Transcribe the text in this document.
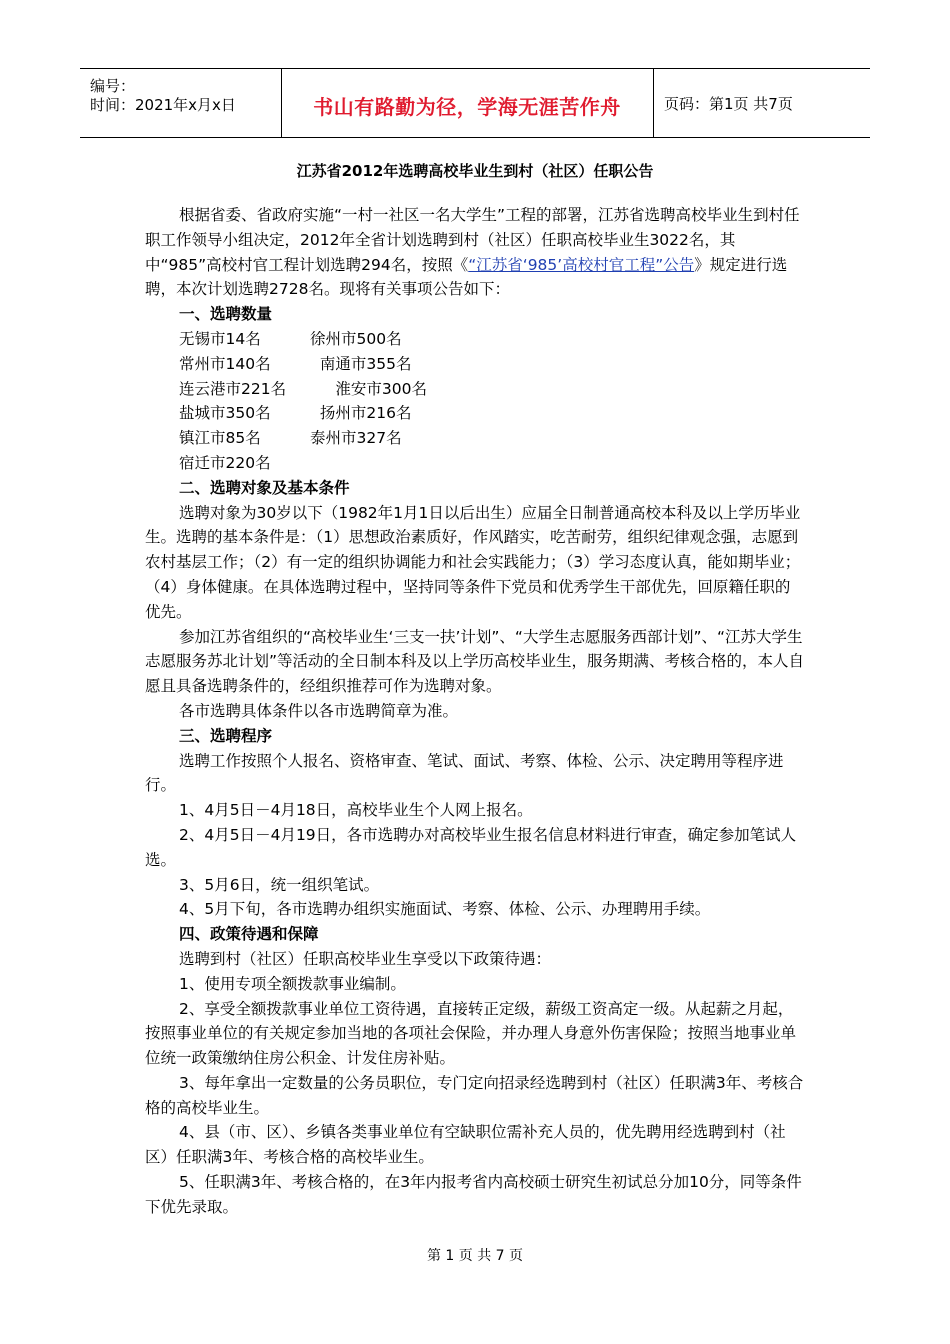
编号：
时间：2021年x月x日	书山有路勤为径，学海无涯苦作舟	页码：第1页 共7页
江苏省2012年选聘高校毕业生到村（社区）任职公告

根据省委、省政府实施“一村一社区一名大学生”工程的部署，江苏省选聘高校毕业生到村任职工作领导小组决定，2012年全省计划选聘到村（社区）任职高校毕业生3022名，其中“985”高校村官工程计划选聘294名，按照《“江苏省‘985’高校村官工程”公告》规定进行选聘，本次计划选聘2728名。现将有关事项公告如下：

一、选聘数量

无锡市14名          徐州市500名

常州市140名          南通市355名

连云港市221名          淮安市300名

盐城市350名          扬州市216名

镇江市85名          泰州市327名

宿迁市220名

二、选聘对象及基本条件

选聘对象为30岁以下（1982年1月1日以后出生）应届全日制普通高校本科及以上学历毕业生。选聘的基本条件是：（1）思想政治素质好，作风踏实，吃苦耐劳，组织纪律观念强，志愿到农村基层工作；（2）有一定的组织协调能力和社会实践能力；（3）学习态度认真，能如期毕业；（4）身体健康。在具体选聘过程中，坚持同等条件下党员和优秀学生干部优先，回原籍任职的优先。

参加江苏省组织的“高校毕业生‘三支一扶’计划”、“大学生志愿服务西部计划”、“江苏大学生志愿服务苏北计划”等活动的全日制本科及以上学历高校毕业生，服务期满、考核合格的，本人自愿且具备选聘条件的，经组织推荐可作为选聘对象。

各市选聘具体条件以各市选聘简章为准。

三、选聘程序

选聘工作按照个人报名、资格审查、笔试、面试、考察、体检、公示、决定聘用等程序进行。

1、4月5日－4月18日，高校毕业生个人网上报名。

2、4月5日－4月19日，各市选聘办对高校毕业生报名信息材料进行审查，确定参加笔试人选。

3、5月6日，统一组织笔试。

4、5月下旬，各市选聘办组织实施面试、考察、体检、公示、办理聘用手续。

四、政策待遇和保障

选聘到村（社区）任职高校毕业生享受以下政策待遇：

1、使用专项全额拨款事业编制。

2、享受全额拨款事业单位工资待遇，直接转正定级，薪级工资高定一级。从起薪之月起，按照事业单位的有关规定参加当地的各项社会保险，并办理人身意外伤害保险；按照当地事业单位统一政策缴纳住房公积金、计发住房补贴。

3、每年拿出一定数量的公务员职位，专门定向招录经选聘到村（社区）任职满3年、考核合格的高校毕业生。

4、县（市、区）、乡镇各类事业单位有空缺职位需补充人员的，优先聘用经选聘到村（社区）任职满3年、考核合格的高校毕业生。

5、任职满3年、考核合格的，在3年内报考省内高校硕士研究生初试总分加10分，同等条件下优先录取。

第 1 页 共 7 页
